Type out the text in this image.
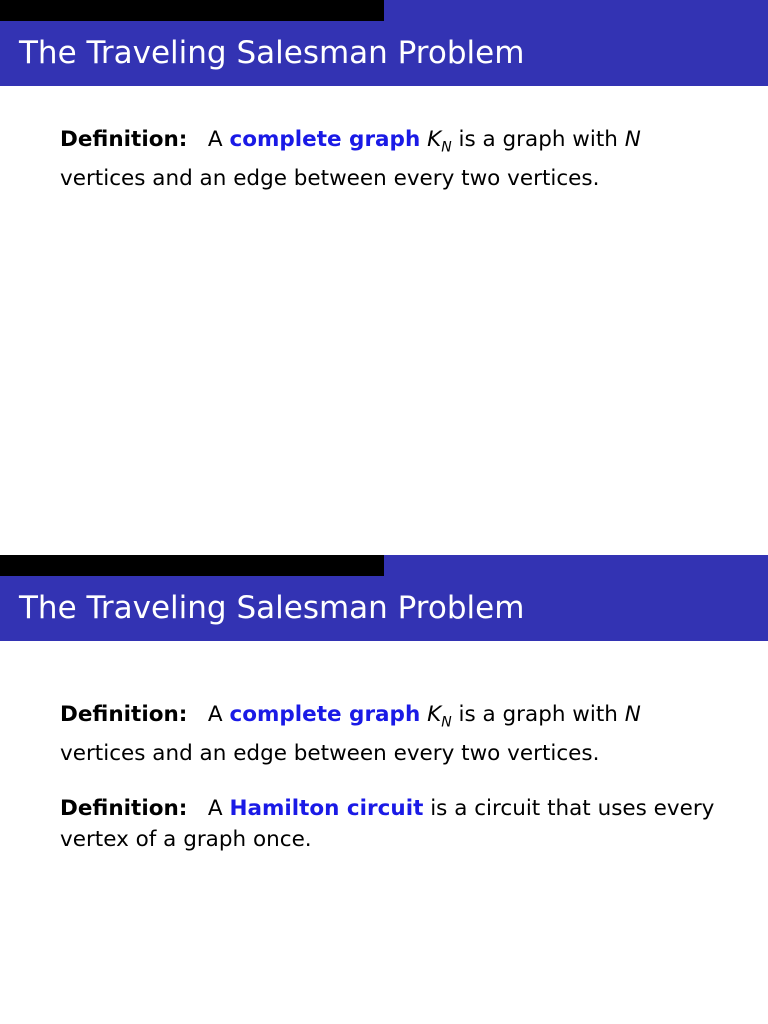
The Traveling Salesman Problem

Definition: A complete graph $K_N$ is a graph with N vertices and an edge between every two vertices.

The Traveling Salesman Problem

Definition: A complete graph $K_N$ is a graph with N vertices and an edge between every two vertices.

Definition: A Hamilton circuit is a circuit that uses every vertex of a graph once.
